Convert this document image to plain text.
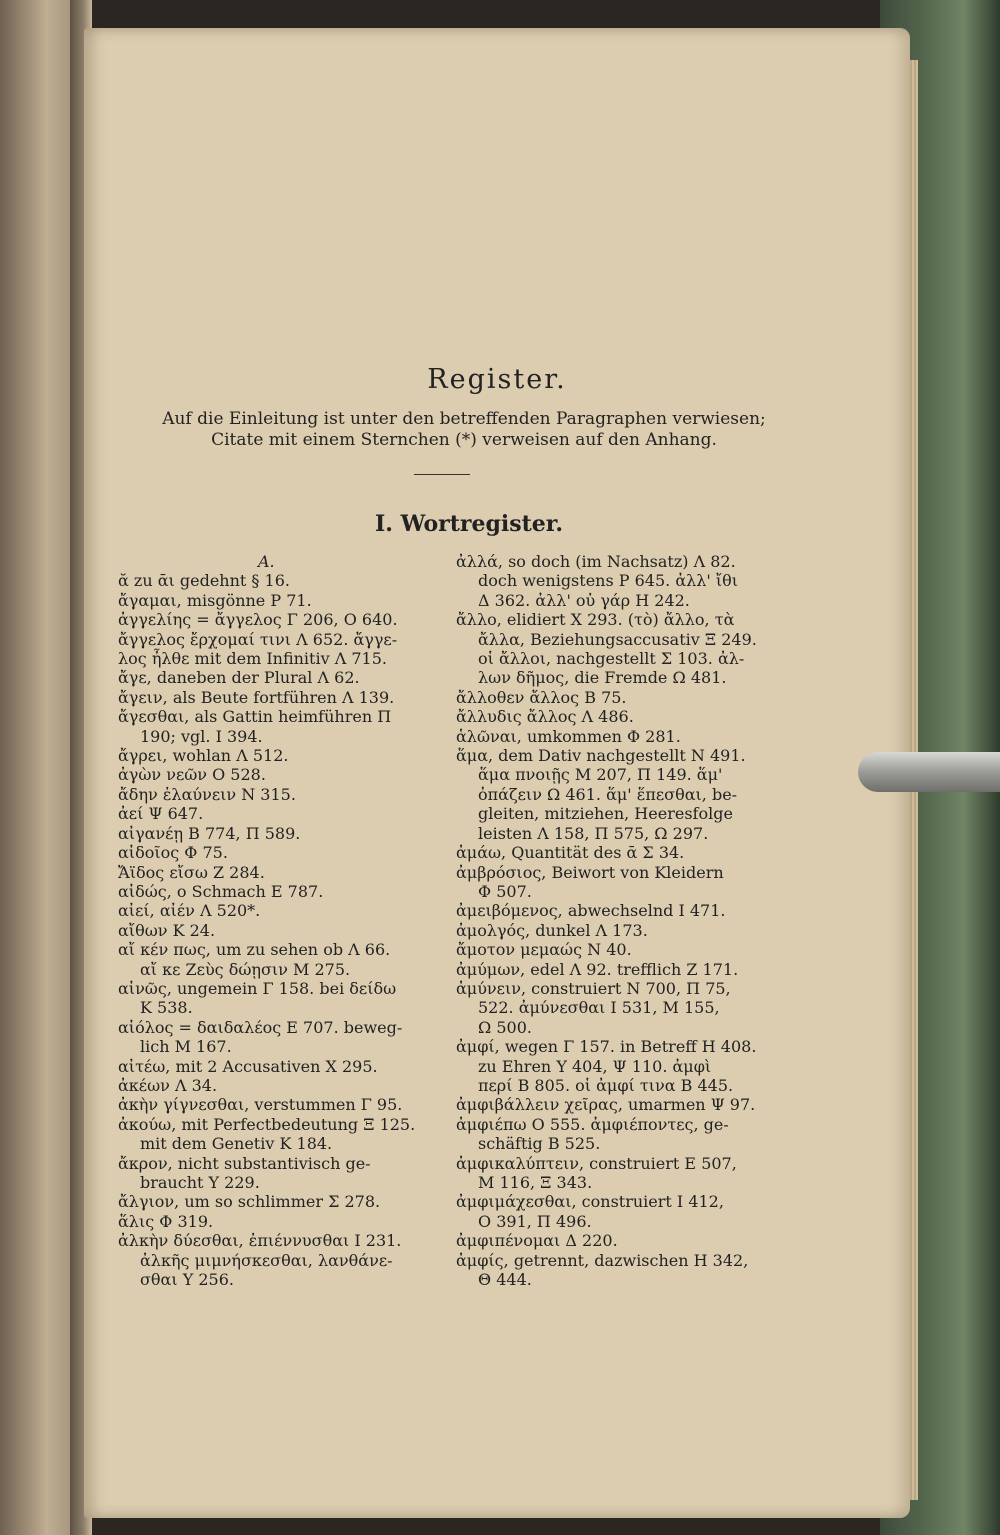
Register.
Auf die Einleitung ist unter den betreffenden Paragraphen verwiesen;
Citate mit einem Sternchen (*) verweisen auf den Anhang.
I. Wortregister.
A.
ᾰ zu ᾱι gedehnt § 16.
ἄγαμαι, misgönne Ρ 71.
ἀγγελίης = ἄγγελος Γ 206, Ο 640.
ἄγγελος ἔρχομαί τινι Λ 652. ἄγγε-
λος ἦλθε mit dem Infinitiv Λ 715.
ἄγε, daneben der Plural Λ 62.
ἄγειν, als Beute fortführen Λ 139.
ἄγεσθαι, als Gattin heimführen Π
190; vgl. Ι 394.
ἄγρει, wohlan Λ 512.
ἀγὼν νεῶν Ο 528.
ἄδην ἐλαύνειν Ν 315.
ἀεί Ψ 647.
αἰγανέῃ Β 774, Π 589.
αἰδοῖος Φ 75.
Ἄϊδος εἴσω Ζ 284.
αἰδώς, o Schmach Ε 787.
αἰεί, αἰέν Λ 520*.
αἴθων Κ 24.
αἴ κέν πως, um zu sehen ob Λ 66.
αἴ κε Ζεὺς δώῃσιν Μ 275.
αἰνῶς, ungemein Γ 158. bei δείδω
Κ 538.
αἰόλος = δαιδαλέος Ε 707. beweg-
lich Μ 167.
αἰτέω, mit 2 Accusativen Χ 295.
ἀκέων Λ 34.
ἀκὴν γίγνεσθαι, verstummen Γ 95.
ἀκούω, mit Perfectbedeutung Ξ 125.
mit dem Genetiv Κ 184.
ἄκρον, nicht substantivisch ge-
braucht Υ 229.
ἄλγιον, um so schlimmer Σ 278.
ἅλις Φ 319.
ἀλκὴν δύεσθαι, ἐπιέννυσθαι Ι 231.
ἀλκῆς μιμνήσκεσθαι, λανθάνε-
σθαι Υ 256.
ἀλλά, so doch (im Nachsatz) Λ 82.
doch wenigstens Ρ 645. ἀλλ' ἴθι
Δ 362. ἀλλ' οὐ γάρ Η 242.
ἄλλο, elidiert Χ 293. (τὸ) ἄλλο, τὰ
ἄλλα, Beziehungsaccusativ Ξ 249.
οἱ ἄλλοι, nachgestellt Σ 103. ἀλ-
λων δῆμος, die Fremde Ω 481.
ἄλλοθεν ἄλλος Β 75.
ἄλλυδις ἄλλος Λ 486.
ἁλῶναι, umkommen Φ 281.
ἅμα, dem Dativ nachgestellt Ν 491.
ἅμα πνοιῇς Μ 207, Π 149. ἅμ'
ὀπάζειν Ω 461. ἅμ' ἕπεσθαι, be-
gleiten, mitziehen, Heeresfolge
leisten Λ 158, Π 575, Ω 297.
ἀμάω, Quantität des ᾱ Σ 34.
ἀμβρόσιος, Beiwort von Kleidern
Φ 507.
ἀμειβόμενος, abwechselnd Ι 471.
ἀμολγός, dunkel Λ 173.
ἄμοτον μεμαώς Ν 40.
ἀμύμων, edel Λ 92. trefflich Ζ 171.
ἀμύνειν, construiert Ν 700, Π 75,
522. ἀμύνεσθαι Ι 531, Μ 155,
Ω 500.
ἀμφί, wegen Γ 157. in Betreff Η 408.
zu Ehren Υ 404, Ψ 110. ἀμφὶ
περί Β 805. οἱ ἀμφί τινα Β 445.
ἀμφιβάλλειν χεῖρας, umarmen Ψ 97.
ἀμφιέπω Ο 555. ἀμφιέποντες, ge-
schäftig Β 525.
ἀμφικαλύπτειν, construiert Ε 507,
Μ 116, Ξ 343.
ἀμφιμάχεσθαι, construiert Ι 412,
Ο 391, Π 496.
ἀμφιπένομαι Δ 220.
ἀμφίς, getrennt, dazwischen Η 342,
Θ 444.
